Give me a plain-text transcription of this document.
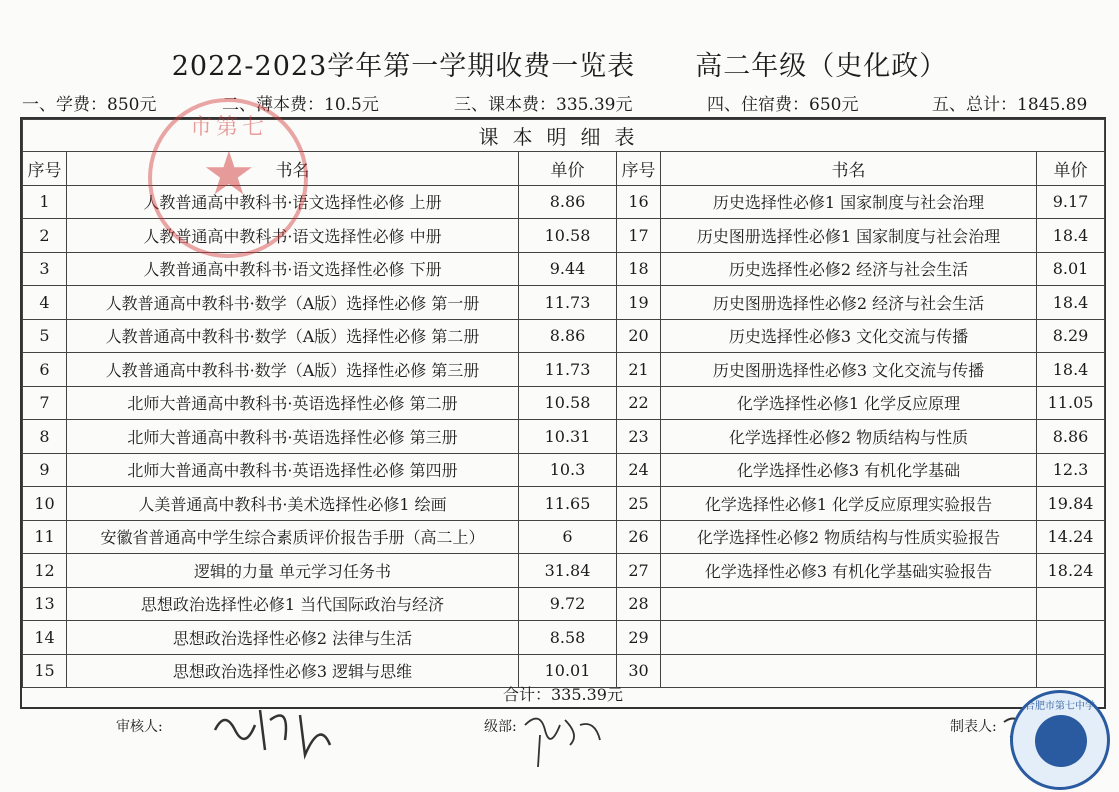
2022-2023学年第一学期收费一览表 高二年级（史化政）
一、学费：850元	二、薄本费：10.5元	三、课本费：335.39元	四、住宿费：650元	五、总计：1845.89
课本明细表					
序号	书名	单价	序号	书名	单价
1	人教普通高中教科书·语文选择性必修 上册	8.86	16	历史选择性必修1 国家制度与社会治理	9.17
2	人教普通高中教科书·语文选择性必修 中册	10.58	17	历史图册选择性必修1 国家制度与社会治理	18.4
3	人教普通高中教科书·语文选择性必修 下册	9.44	18	历史选择性必修2 经济与社会生活	8.01
4	人教普通高中教科书·数学（A版）选择性必修 第一册	11.73	19	历史图册选择性必修2 经济与社会生活	18.4
5	人教普通高中教科书·数学（A版）选择性必修 第二册	8.86	20	历史选择性必修3 文化交流与传播	8.29
6	人教普通高中教科书·数学（A版）选择性必修 第三册	11.73	21	历史图册选择性必修3 文化交流与传播	18.4
7	北师大普通高中教科书·英语选择性必修 第二册	10.58	22	化学选择性必修1 化学反应原理	11.05
8	北师大普通高中教科书·英语选择性必修 第三册	10.31	23	化学选择性必修2 物质结构与性质	8.86
9	北师大普通高中教科书·英语选择性必修 第四册	10.3	24	化学选择性必修3 有机化学基础	12.3
10	人美普通高中教科书·美术选择性必修1 绘画	11.65	25	化学选择性必修1 化学反应原理实验报告	19.84
11	安徽省普通高中学生综合素质评价报告手册（高二上）	6	26	化学选择性必修2 物质结构与性质实验报告	14.24
12	逻辑的力量 单元学习任务书	31.84	27	化学选择性必修3 有机化学基础实验报告	18.24
13	思想政治选择性必修1 当代国际政治与经济	9.72	28		
14	思想政治选择性必修2 法律与生活	8.58	29		
15	思想政治选择性必修3 逻辑与思维	10.01	30		
合计：335.39元
市第七
★
审核人:	级部:	制表人:
合肥市第七中学
